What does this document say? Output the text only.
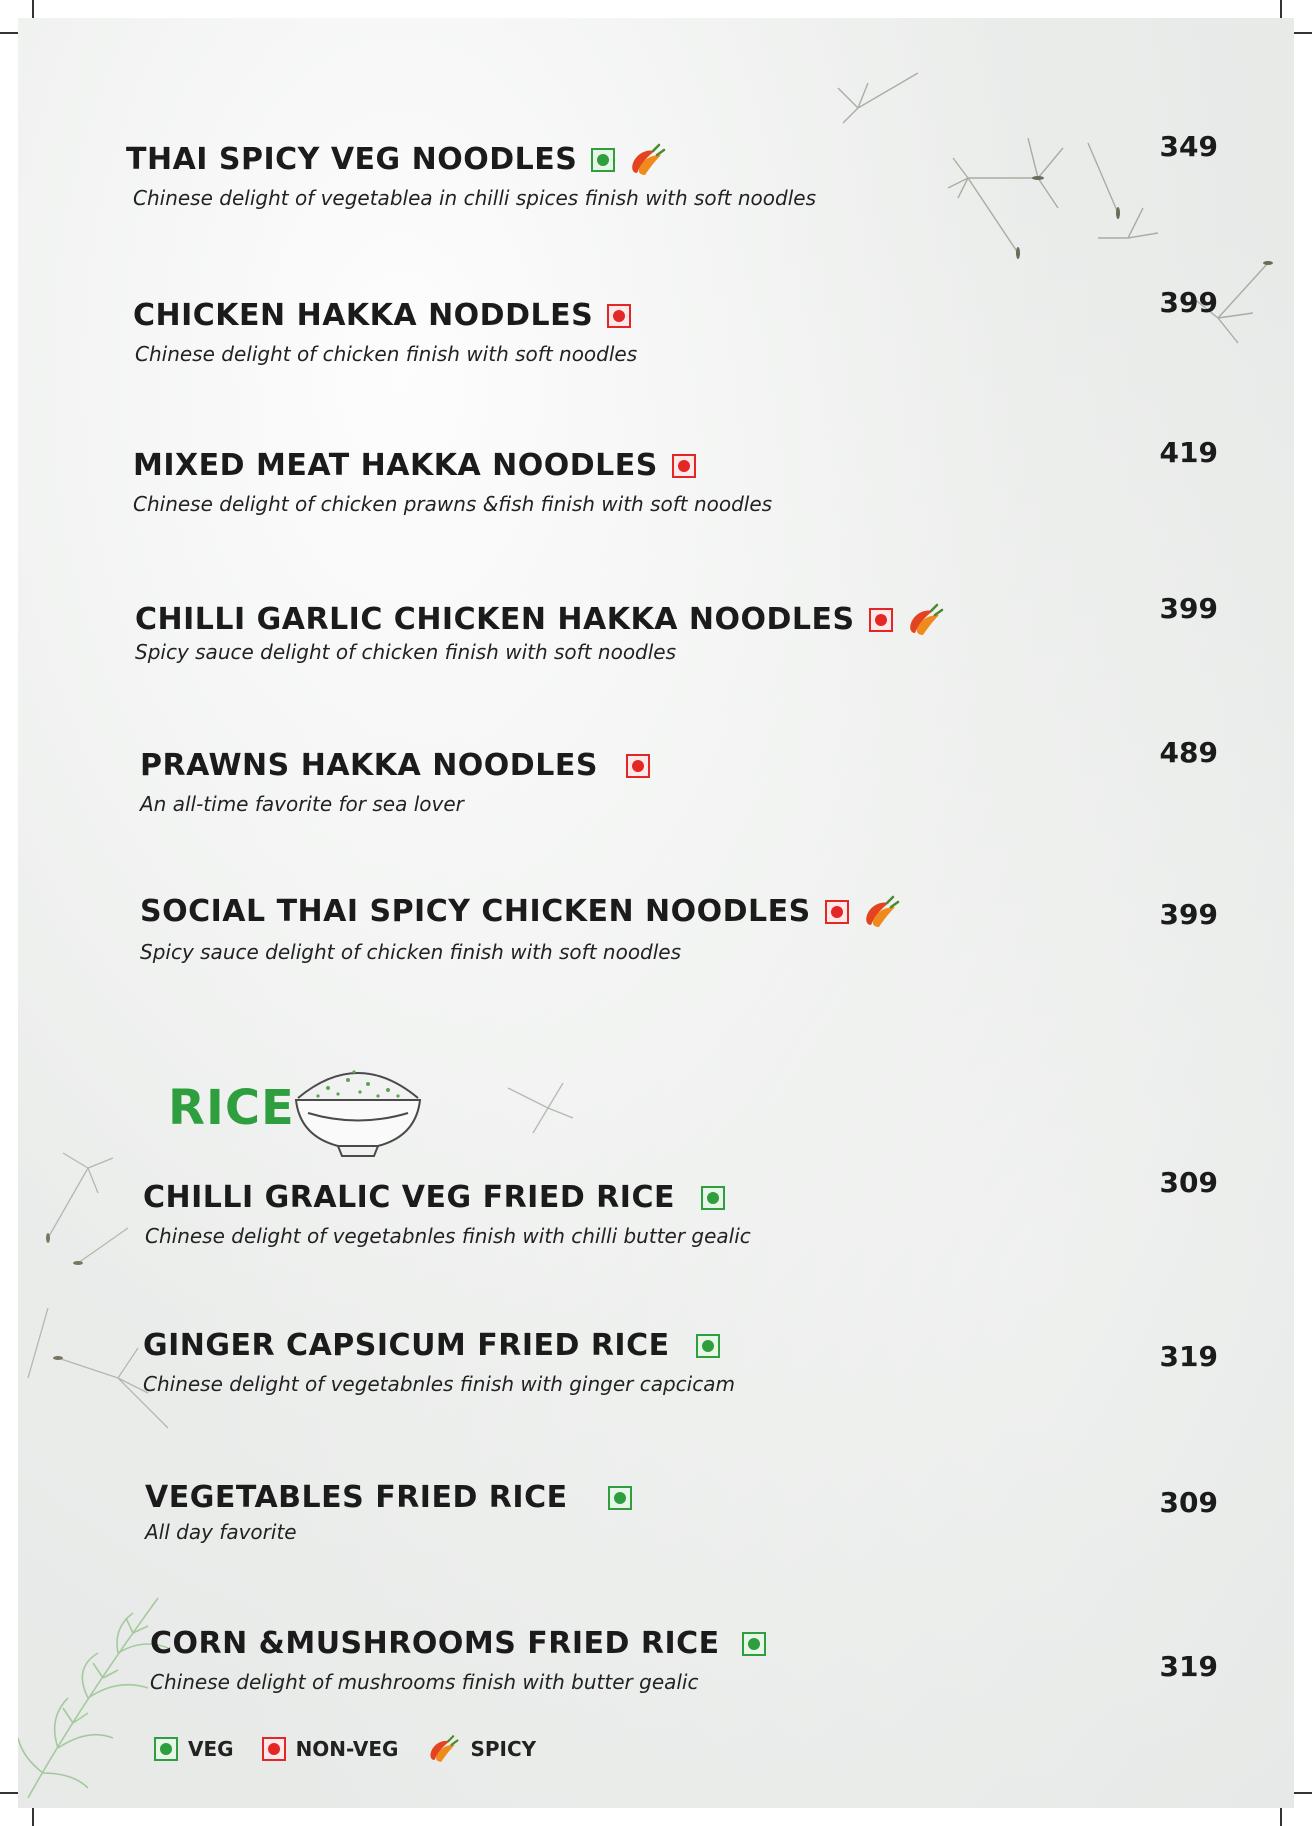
THAI SPICY VEG NOODLES

Chinese delight of vegetablea in chilli spices finish with soft noodles

349
CHICKEN HAKKA NODDLES

Chinese delight of chicken finish with soft noodles

399
MIXED MEAT HAKKA NOODLES

Chinese delight of chicken prawns &fish finish with soft noodles

419
CHILLI GARLIC CHICKEN HAKKA NOODLES

Spicy sauce delight of chicken finish with soft noodles

399
PRAWNS HAKKA NOODLES

An all-time favorite for sea lover

489
SOCIAL THAI SPICY CHICKEN NOODLES

Spicy sauce delight of chicken finish with soft noodles

399
RICE
CHILLI GRALIC VEG FRIED RICE

Chinese delight of vegetabnles finish with chilli butter gealic

309
GINGER CAPSICUM FRIED RICE

Chinese delight of vegetabnles finish with ginger capcicam

319
VEGETABLES FRIED RICE

All day favorite

309
CORN &MUSHROOMS FRIED RICE

Chinese delight of mushrooms finish with butter gealic	319
VEG	NON-VEG	SPICY
